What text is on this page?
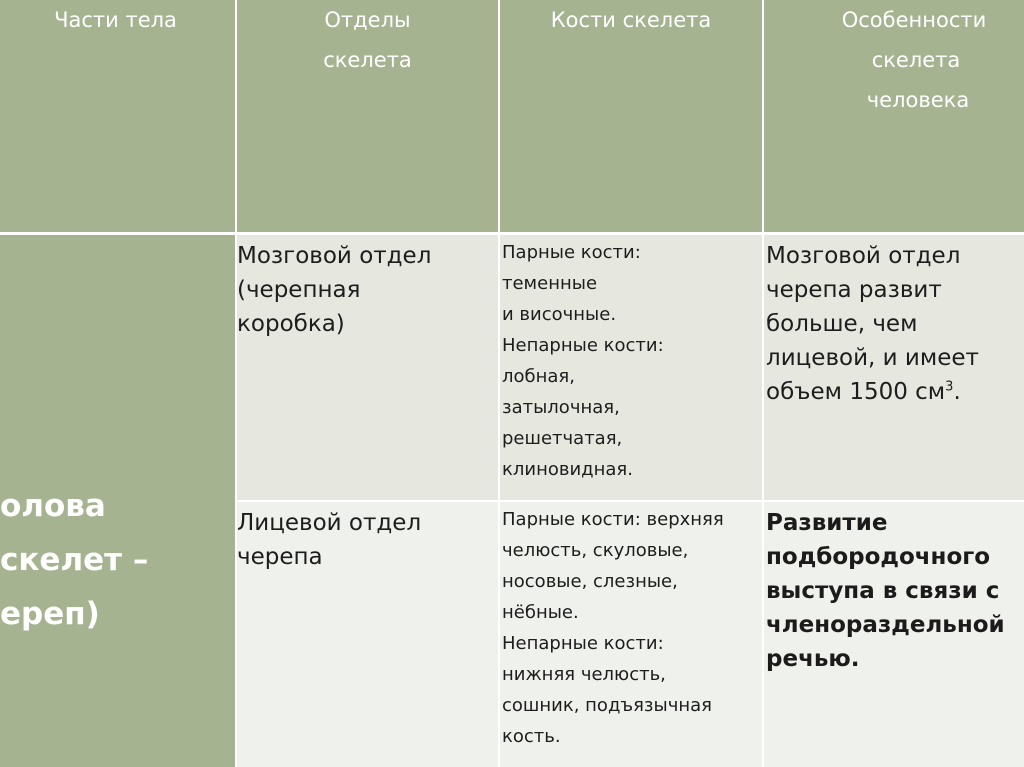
Части тела	Отделы
скелета
Кости скелета	Особенности
скелета
человека
олова
скелет –
ереп)
Мозговой отдел
(черепная
коробка)
Парные кости:
теменные
и височные.
Непарные кости:
лобная,
затылочная,
решетчатая,
клиновидная.
Мозговой отдел
черепа развит
больше, чем
лицевой, и имеет
объем 1500 $см^3$.
Лицевой отдел
черепа
Парные кости: верхняя
челюсть, скуловые,
носовые, слезные,
нёбные.
Непарные кости:
нижняя челюсть,
сошник, подъязычная
кость.
Развитие
подбородочного
выступа в связи с
членораздельной
речью.
